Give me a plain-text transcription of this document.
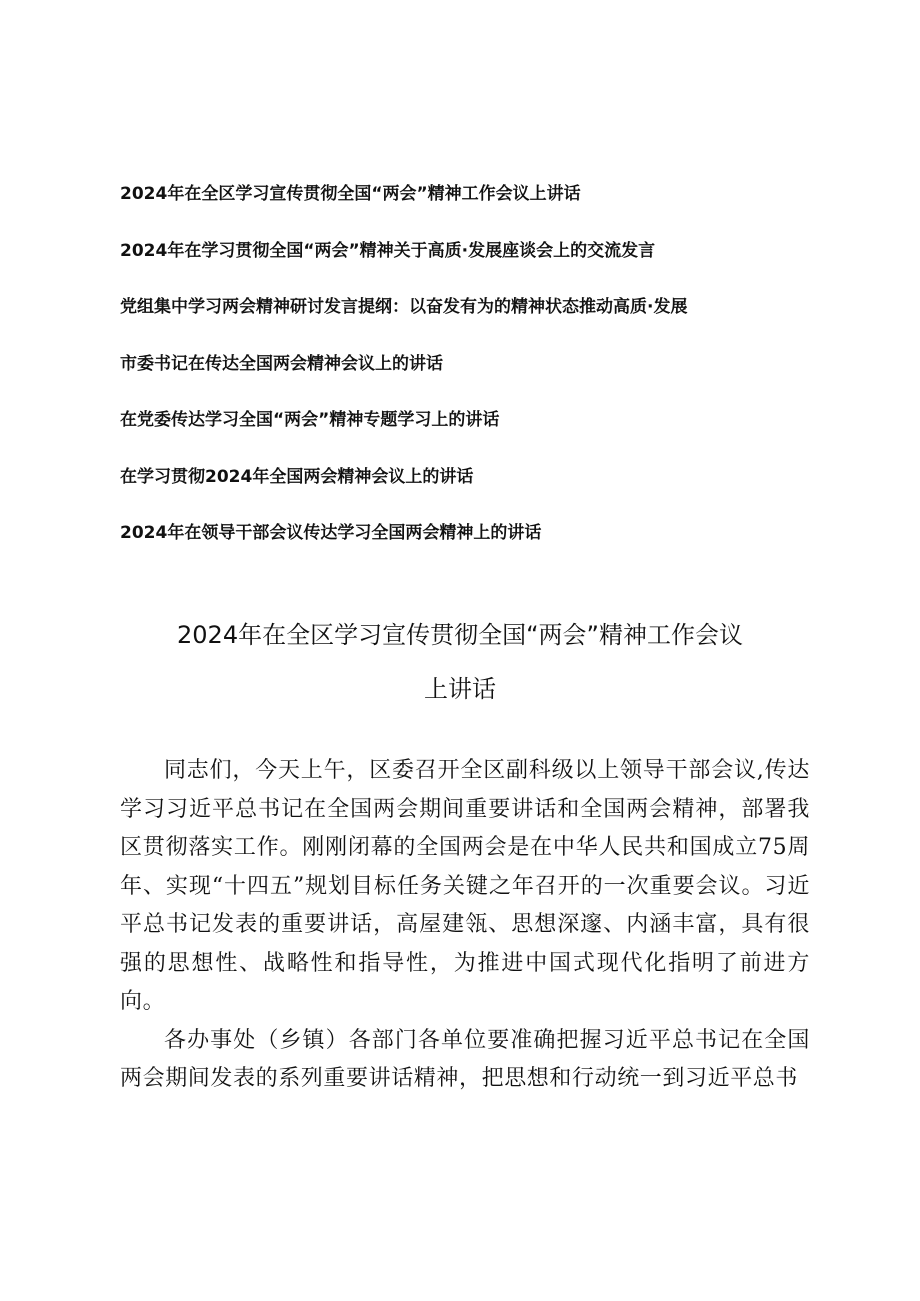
2024年在全区学习宣传贯彻全国“两会”精神工作会议上讲话
2024年在学习贯彻全国“两会”精神关于高质·发展座谈会上的交流发言
党组集中学习两会精神研讨发言提纲：以奋发有为的精神状态推动高质·发展
市委书记在传达全国两会精神会议上的讲话
在党委传达学习全国“两会”精神专题学习上的讲话
在学习贯彻2024年全国两会精神会议上的讲话
2024年在领导干部会议传达学习全国两会精神上的讲话
2024年在全区学习宣传贯彻全国“两会”精神工作会议
上讲话

同志们，今天上午，区委召开全区副科级以上领导干部会议,传达学习习近平总书记在全国两会期间重要讲话和全国两会精神，部署我区贯彻落实工作。刚刚闭幕的全国两会是在中华人民共和国成立75周年、实现“十四五”规划目标任务关键之年召开的一次重要会议。习近平总书记发表的重要讲话，高屋建瓴、思想深邃、内涵丰富，具有很强的思想性、战略性和指导性，为推进中国式现代化指明了前进方向。

各办事处（乡镇）各部门各单位要准确把握习近平总书记在全国两会期间发表的系列重要讲话精神，把思想和行动统一到习近平总书
